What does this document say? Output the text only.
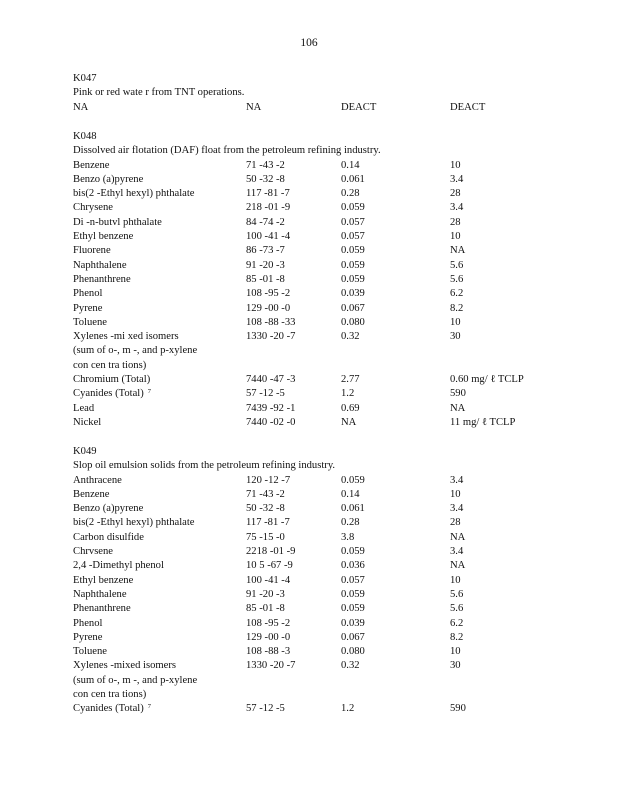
106
K047
Pink or red wate r from TNT operations.
NA	NA	DEACT	DEACT
K048
Dissolved air flotation (DAF) float from the petroleum refining industry.
Benzene	71 -43 -2	0.14	10
Benzo (a)pyrene	50 -32 -8	0.061	3.4
bis(2 -Ethyl hexyl) phthalate	117 -81 -7	0.28	28
Chrysene	218 -01 -9	0.059	3.4
Di -n-butvl phthalate	84 -74 -2	0.057	28
Ethyl benzene	100 -41 -4	0.057	10
Fluorene	86 -73 -7	0.059	NA
Naphthalene	91 -20 -3	0.059	5.6
Phenanthrene	85 -01 -8	0.059	5.6
Phenol	108 -95 -2	0.039	6.2
Pyrene	129 -00 -0	0.067	8.2
Toluene	108 -88 -33	0.080	10
Xylenes -mi xed isomers	1330 -20 -7	0.32	30
(sum of o-, m -, and p-xylene
con cen tra tions)
Chromium (Total)	7440 -47 -3	2.77	0.60 mg/ ℓ TCLP
Cyanides (Total) $^7$	57 -12 -5	1.2	590
Lead	7439 -92 -1	0.69	NA
Nickel	7440 -02 -0	NA	11 mg/ ℓ TCLP
K049
Slop oil emulsion solids from the petroleum refining industry.
Anthracene	120 -12 -7	0.059	3.4
Benzene	71 -43 -2	0.14	10
Benzo (a)pyrene	50 -32 -8	0.061	3.4
bis(2 -Ethyl hexyl) phthalate	117 -81 -7	0.28	28
Carbon disulfide	75 -15 -0	3.8	NA
Chrvsene	2218 -01 -9	0.059	3.4
2,4 -Dimethyl phenol	10 5 -67 -9	0.036	NA
Ethyl benzene	100 -41 -4	0.057	10
Naphthalene	91 -20 -3	0.059	5.6
Phenanthrene	85 -01 -8	0.059	5.6
Phenol	108 -95 -2	0.039	6.2
Pyrene	129 -00 -0	0.067	8.2
Toluene	108 -88 -3	0.080	10
Xylenes -mixed isomers	1330 -20 -7	0.32	30
(sum of o-, m -, and p-xylene
con cen tra tions)
Cyanides (Total) $^7$	57 -12 -5	1.2	590
